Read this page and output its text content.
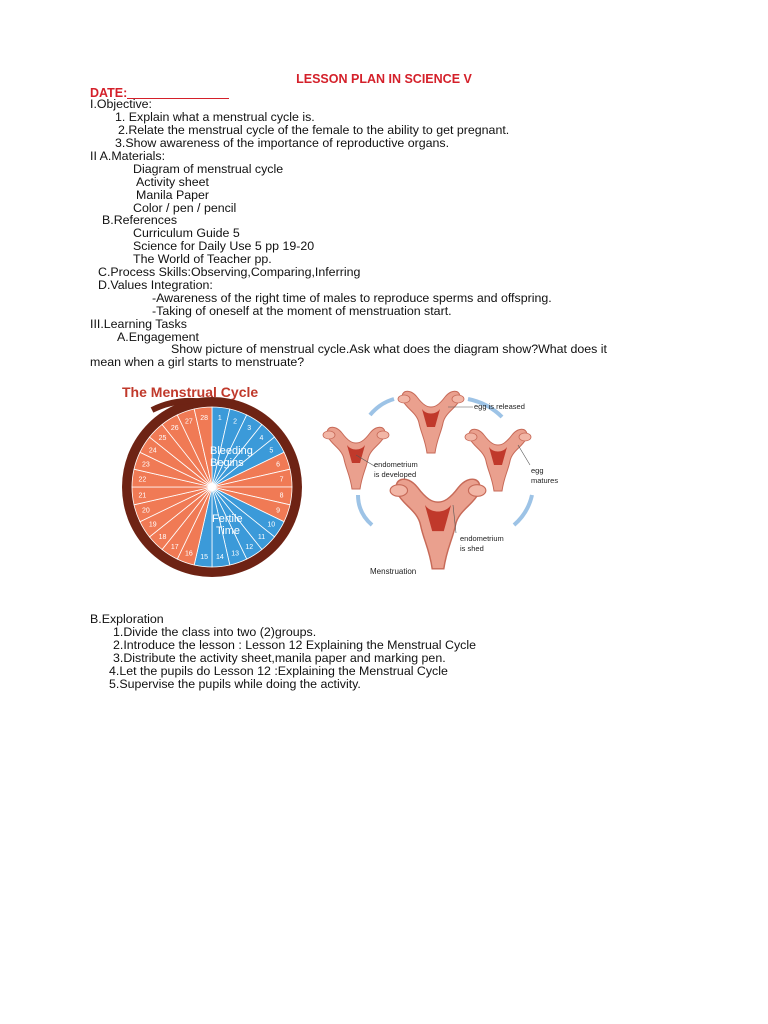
LESSON PLAN IN SCIENCE V
DATE:
I.Objective:
1. Explain what a menstrual cycle is.
2.Relate the menstrual cycle of the female to the ability to get pregnant.
3.Show awareness of the importance of reproductive organs.
II A.Materials:
Diagram of menstrual cycle
Activity sheet
Manila Paper
Color / pen / pencil
B.References
Curriculum Guide 5
Science for Daily Use 5 pp 19-20
The World of Teacher pp.
C.Process Skills:Observing,Comparing,Inferring
D.Values Integration:
-Awareness of the right time of males to reproduce sperms and offspring.
-Taking of oneself at the moment of menstruation start.
III.Learning Tasks
A.Engagement
Show picture of menstrual cycle.Ask what does the diagram show?What does it
mean when a girl starts to menstruate?
The Menstrual Cycle
1 2
3
4
5
6
7
8
9
10
11
12
13
14
15
16
17
18
19
20
21
22
23
24
25
26
27 28
Bleeding
Begins
Fertile
Time
egg is released
egg
matures
endometrium
is developed
endometrium
is shed
Menstruation
B.Exploration
1.Divide the class into two (2)groups.
2.Introduce the lesson : Lesson 12 Explaining the Menstrual Cycle
3.Distribute the activity sheet,manila paper and marking pen.
4.Let the pupils do Lesson 12 :Explaining the Menstrual Cycle
5.Supervise the pupils while doing the activity.
